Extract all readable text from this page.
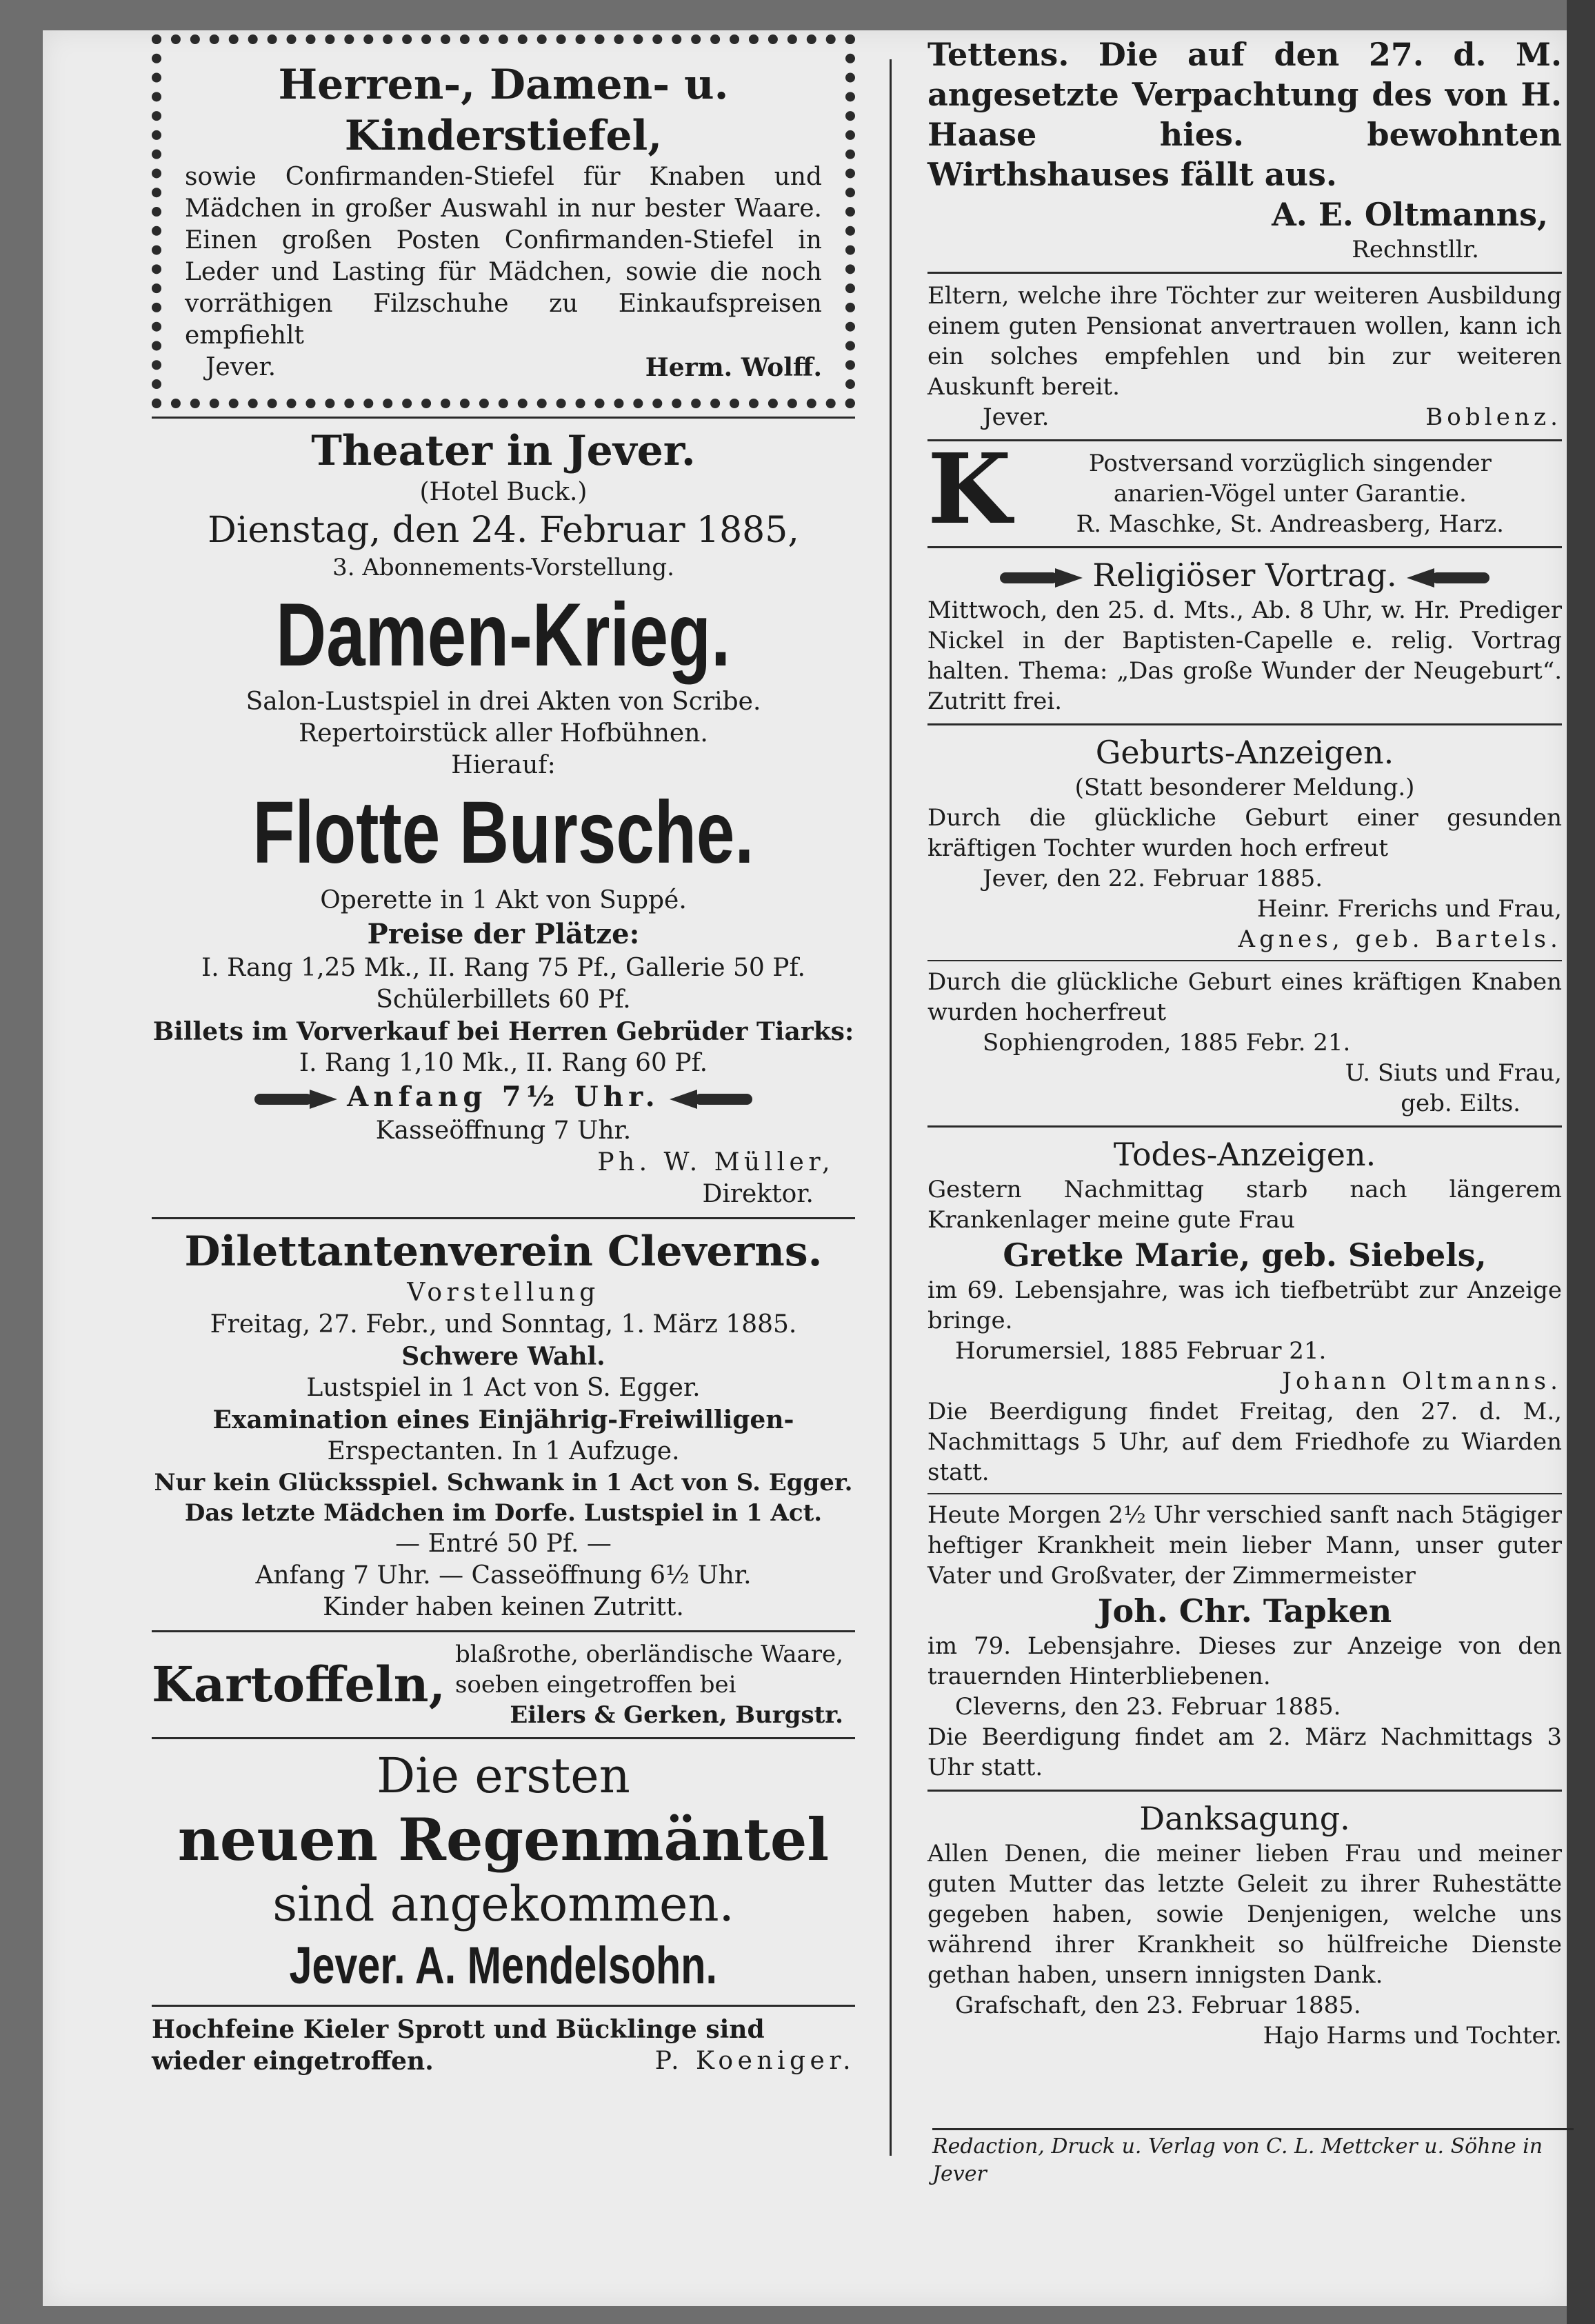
Herren-, Damen- u. Kinderstiefel,
sowie Confirmanden-Stiefel für Knaben und Mädchen in großer Auswahl in nur bester Waare. Einen großen Posten Confirmanden-Stiefel in Leder und Lasting für Mädchen, sowie die noch vorräthigen Filzschuhe zu Einkaufspreisen empfiehlt
Jever.	Herm. Wolff.
Theater in Jever.
(Hotel Buck.)
Dienstag, den 24. Februar 1885,
3. Abonnements-Vorstellung.
Damen-Krieg.
Salon-Lustspiel in drei Akten von Scribe.
Repertoirstück aller Hofbühnen.
Hierauf:
Flotte Bursche.
Operette in 1 Akt von Suppé.
Preise der Plätze:
I. Rang 1,25 Mk., II. Rang 75 Pf., Gallerie 50 Pf.
Schülerbillets 60 Pf.
Billets im Vorverkauf bei Herren Gebrüder Tiarks:
I. Rang 1,10 Mk., II. Rang 60 Pf.
Anfang 7½ Uhr.
Kasseöffnung 7 Uhr.
Ph. W. Müller,
Direktor.
Dilettantenverein Cleverns.
Vorstellung
Freitag, 27. Febr., und Sonntag, 1. März 1885.
Schwere Wahl.
Lustspiel in 1 Act von S. Egger.
Examination eines Einjährig-Freiwilligen-
Erspectanten. In 1 Aufzuge.
Nur kein Glücksspiel. Schwank in 1 Act von S. Egger.
Das letzte Mädchen im Dorfe. Lustspiel in 1 Act.
— Entré 50 Pf. —
Anfang 7 Uhr. — Casseöffnung 6½ Uhr.
Kinder haben keinen Zutritt.
Kartoffeln,
blaßrothe, oberländische Waare,
soeben eingetroffen bei
Eilers & Gerken, Burgstr.
Die ersten
neuen Regenmäntel
sind angekommen.
Jever. A. Mendelsohn.
Hochfeine Kieler Sprott und Bücklinge sind
wieder eingetroffen.	P. Koeniger.
Tettens. Die auf den 27. d. M. angesetzte Verpachtung des von H. Haase hies. bewohnten Wirthshauses fällt aus.
A. E. Oltmanns,
Rechnstllr.
Eltern, welche ihre Töchter zur weiteren Ausbildung einem guten Pensionat anvertrauen wollen, kann ich ein solches empfehlen und bin zur weiteren Auskunft bereit.
Jever.	Boblenz.
K	Postversand vorzüglich singender
anarien-Vögel unter Garantie.
R. Maschke, St. Andreasberg, Harz.
Religiöser Vortrag.
Mittwoch, den 25. d. Mts., Ab. 8 Uhr, w. Hr. Prediger Nickel in der Baptisten-Capelle e. relig. Vortrag halten. Thema: „Das große Wunder der Neugeburt“. Zutritt frei.
Geburts-Anzeigen.
(Statt besonderer Meldung.)
Durch die glückliche Geburt einer gesunden kräftigen Tochter wurden hoch erfreut
Jever, den 22. Februar 1885.
Heinr. Frerichs und Frau,
Agnes, geb. Bartels.
Durch die glückliche Geburt eines kräftigen Knaben wurden hocherfreut
Sophiengroden, 1885 Febr. 21.
U. Siuts und Frau,
geb. Eilts.
Todes-Anzeigen.
Gestern Nachmittag starb nach längerem Krankenlager meine gute Frau
Gretke Marie, geb. Siebels,
im 69. Lebensjahre, was ich tiefbetrübt zur Anzeige bringe.
Horumersiel, 1885 Februar 21.
Johann Oltmanns.
Die Beerdigung findet Freitag, den 27. d. M., Nachmittags 5 Uhr, auf dem Friedhofe zu Wiarden statt.
Heute Morgen 2½ Uhr verschied sanft nach 5tägiger heftiger Krankheit mein lieber Mann, unser guter Vater und Großvater, der Zimmermeister
Joh. Chr. Tapken
im 79. Lebensjahre. Dieses zur Anzeige von den trauernden Hinterbliebenen.
Cleverns, den 23. Februar 1885.
Die Beerdigung findet am 2. März Nachmittags 3 Uhr statt.
Danksagung.
Allen Denen, die meiner lieben Frau und meiner guten Mutter das letzte Geleit zu ihrer Ruhestätte gegeben haben, sowie Denjenigen, welche uns während ihrer Krankheit so hülfreiche Dienste gethan haben, unsern innigsten Dank.
Grafschaft, den 23. Februar 1885.
Hajo Harms und Tochter.
Redaction, Druck u. Verlag von C. L. Mettcker u. Söhne in Jever
